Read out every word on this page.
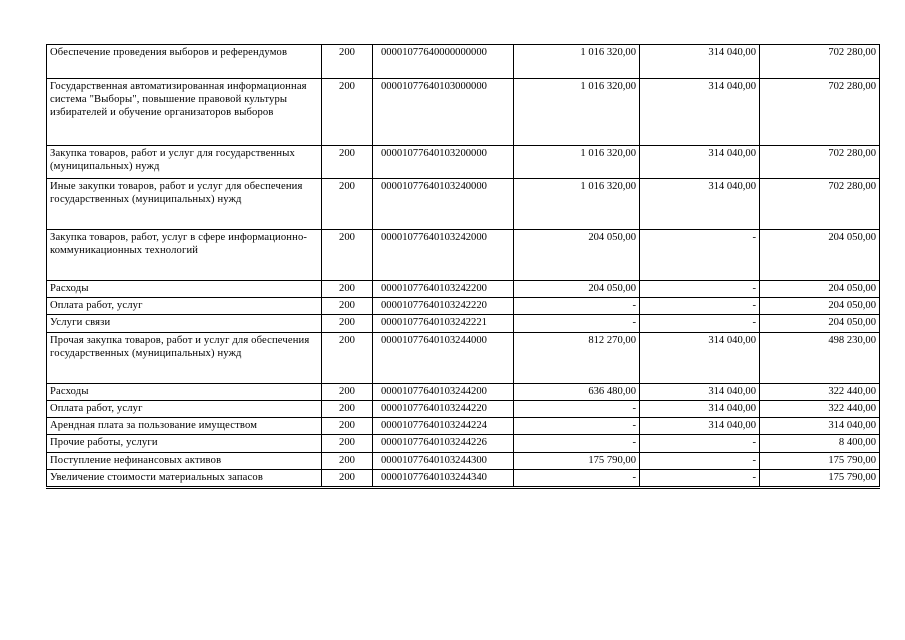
Обеспечение проведения выборов и референдумов	200	00001077640000000000	1 016 320,00	314 040,00	702 280,00
Государственная автоматизированная информационная система "Выборы", повышение правовой культуры избирателей и обучение организаторов выборов	200	00001077640103000000	1 016 320,00	314 040,00	702 280,00
Закупка товаров, работ и услуг для государственных (муниципальных) нужд	200	00001077640103200000	1 016 320,00	314 040,00	702 280,00
Иные закупки товаров, работ и услуг для обеспечения государственных (муниципальных) нужд	200	00001077640103240000	1 016 320,00	314 040,00	702 280,00
Закупка товаров, работ, услуг в сфере информационно-коммуникационных технологий	200	00001077640103242000	204 050,00	-	204 050,00
Расходы	200	00001077640103242200	204 050,00	-	204 050,00
Оплата работ, услуг	200	00001077640103242220	-	-	204 050,00
Услуги связи	200	00001077640103242221	-	-	204 050,00
Прочая закупка товаров, работ и услуг для обеспечения государственных (муниципальных) нужд	200	00001077640103244000	812 270,00	314 040,00	498 230,00
Расходы	200	00001077640103244200	636 480,00	314 040,00	322 440,00
Оплата работ, услуг	200	00001077640103244220	-	314 040,00	322 440,00
Арендная плата за пользование имуществом	200	00001077640103244224	-	314 040,00	314 040,00
Прочие работы, услуги	200	00001077640103244226	-	-	8 400,00
Поступление нефинансовых активов	200	00001077640103244300	175 790,00	-	175 790,00
Увеличение стоимости материальных запасов	200	00001077640103244340	-	-	175 790,00
